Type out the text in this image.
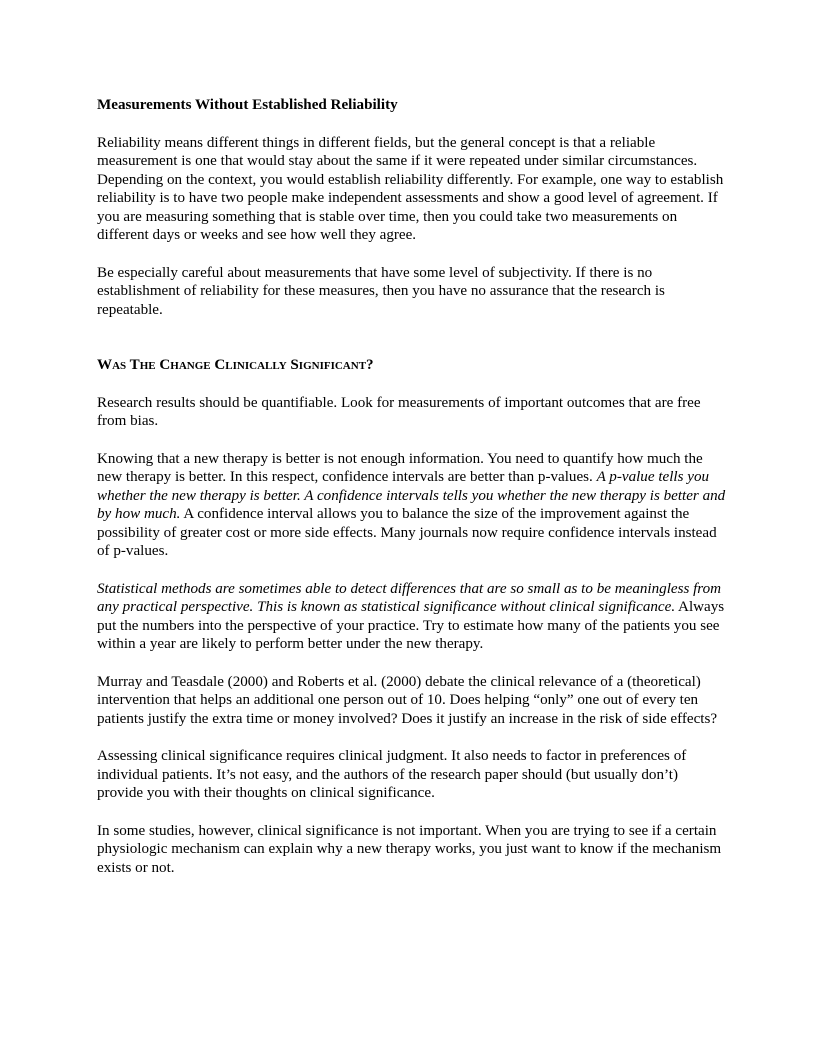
Measurements Without Established Reliability

Reliability means different things in different fields, but the general concept is that a reliable measurement is one that would stay about the same if it were repeated under similar circumstances. Depending on the context, you would establish reliability differently. For example, one way to establish reliability is to have two people make independent assessments and show a good level of agreement. If you are measuring something that is stable over time, then you could take two measurements on different days or weeks and see how well they agree.

Be especially careful about measurements that have some level of subjectivity. If there is no establishment of reliability for these measures, then you have no assurance that the research is repeatable.

Was The Change Clinically Significant?

Research results should be quantifiable. Look for measurements of important outcomes that are free from bias.

Knowing that a new therapy is better is not enough information. You need to quantify how much the new therapy is better. In this respect, confidence intervals are better than p-values. A p-value tells you whether the new therapy is better. A confidence intervals tells you whether the new therapy is better and by how much. A confidence interval allows you to balance the size of the improvement against the possibility of greater cost or more side effects. Many journals now require confidence intervals instead of p-values.

Statistical methods are sometimes able to detect differences that are so small as to be meaningless from any practical perspective. This is known as statistical significance without clinical significance. Always put the numbers into the perspective of your practice. Try to estimate how many of the patients you see within a year are likely to perform better under the new therapy.

Murray and Teasdale (2000) and Roberts et al. (2000) debate the clinical relevance of a (theoretical) intervention that helps an additional one person out of 10. Does helping “only” one out of every ten patients justify the extra time or money involved? Does it justify an increase in the risk of side effects?

Assessing clinical significance requires clinical judgment. It also needs to factor in preferences of individual patients. It’s not easy, and the authors of the research paper should (but usually don’t) provide you with their thoughts on clinical significance.

In some studies, however, clinical significance is not important. When you are trying to see if a certain physiologic mechanism can explain why a new therapy works, you just want to know if the mechanism exists or not.
